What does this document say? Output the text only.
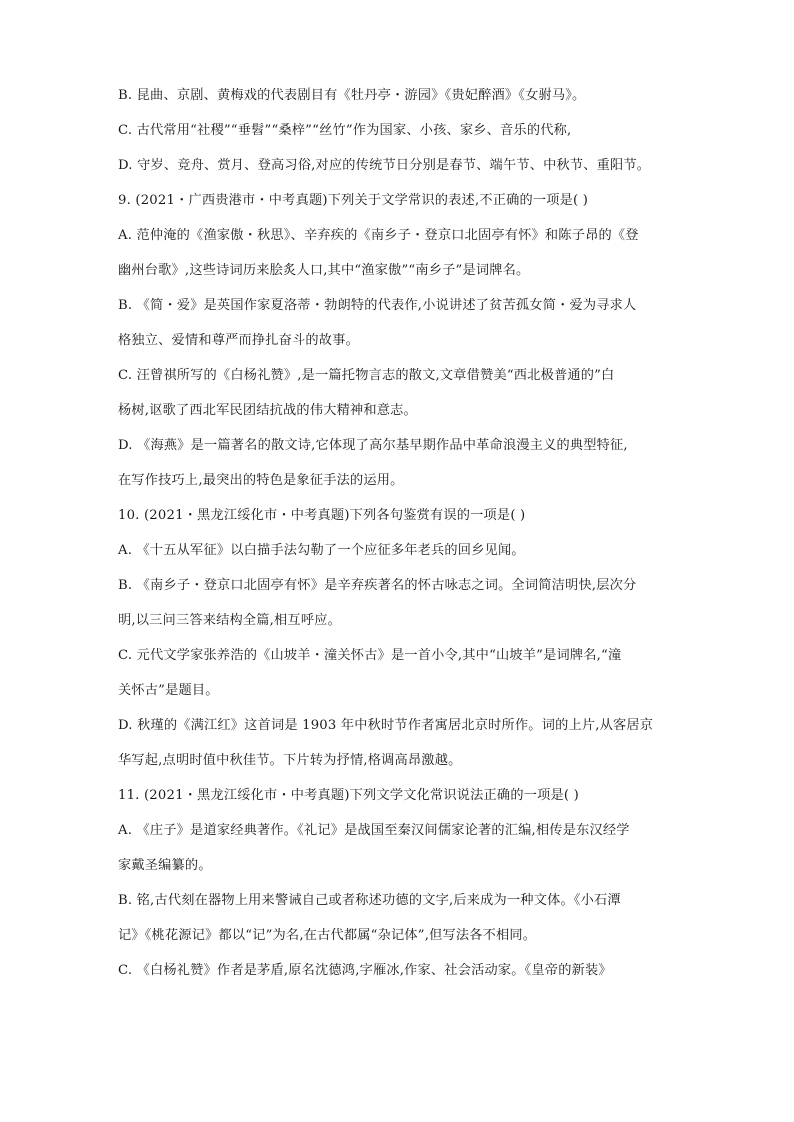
B. 昆曲、京剧、黄梅戏的代表剧目有《牡丹亭・游园》《贵妃醉酒》《女驸马》。
C. 古代常用“社稷”“垂髫”“桑梓”“丝竹”作为国家、小孩、家乡、音乐的代称,
D. 守岁、竞舟、赏月、登高习俗,对应的传统节日分别是春节、端午节、中秋节、重阳节。
9. (2021・广西贵港市・中考真题)下列关于文学常识的表述,不正确的一项是( )
A. 范仲淹的《渔家傲・秋思》、辛弃疾的《南乡子・登京口北固亭有怀》和陈子昂的《登
幽州台歌》,这些诗词历来脍炙人口,其中“渔家傲”“南乡子”是词牌名。
B. 《简・爱》是英国作家夏洛蒂・勃朗特的代表作,小说讲述了贫苦孤女简・爱为寻求人
格独立、爱情和尊严而挣扎奋斗的故事。
C. 汪曾祺所写的《白杨礼赞》,是一篇托物言志的散文,文章借赞美“西北极普通的”白
杨树,讴歌了西北军民团结抗战的伟大精神和意志。
D. 《海燕》是一篇著名的散文诗,它体现了高尔基早期作品中革命浪漫主义的典型特征,
在写作技巧上,最突出的特色是象征手法的运用。
10. (2021・黑龙江绥化市・中考真题)下列各句鉴赏有误的一项是( )
A. 《十五从军征》以白描手法勾勒了一个应征多年老兵的回乡见闻。
B. 《南乡子・登京口北固亭有怀》是辛弃疾著名的怀古咏志之词。全词简洁明快,层次分
明,以三问三答来结构全篇,相互呼应。
C. 元代文学家张养浩的《山坡羊・潼关怀古》是一首小令,其中“山坡羊”是词牌名,“潼
关怀古”是题目。
D. 秋瑾的《满江红》这首词是 1903 年中秋时节作者寓居北京时所作。词的上片,从客居京
华写起,点明时值中秋佳节。下片转为抒情,格调高昂激越。
11. (2021・黑龙江绥化市・中考真题)下列文学文化常识说法正确的一项是( )
A. 《庄子》是道家经典著作。《礼记》是战国至秦汉间儒家论著的汇编,相传是东汉经学
家戴圣编纂的。
B. 铭,古代刻在器物上用来警诫自己或者称述功德的文字,后来成为一种文体。《小石潭
记》《桃花源记》都以“记”为名,在古代都属“杂记体”,但写法各不相同。
C. 《白杨礼赞》作者是茅盾,原名沈德鸿,字雁冰,作家、社会活动家。《皇帝的新装》
